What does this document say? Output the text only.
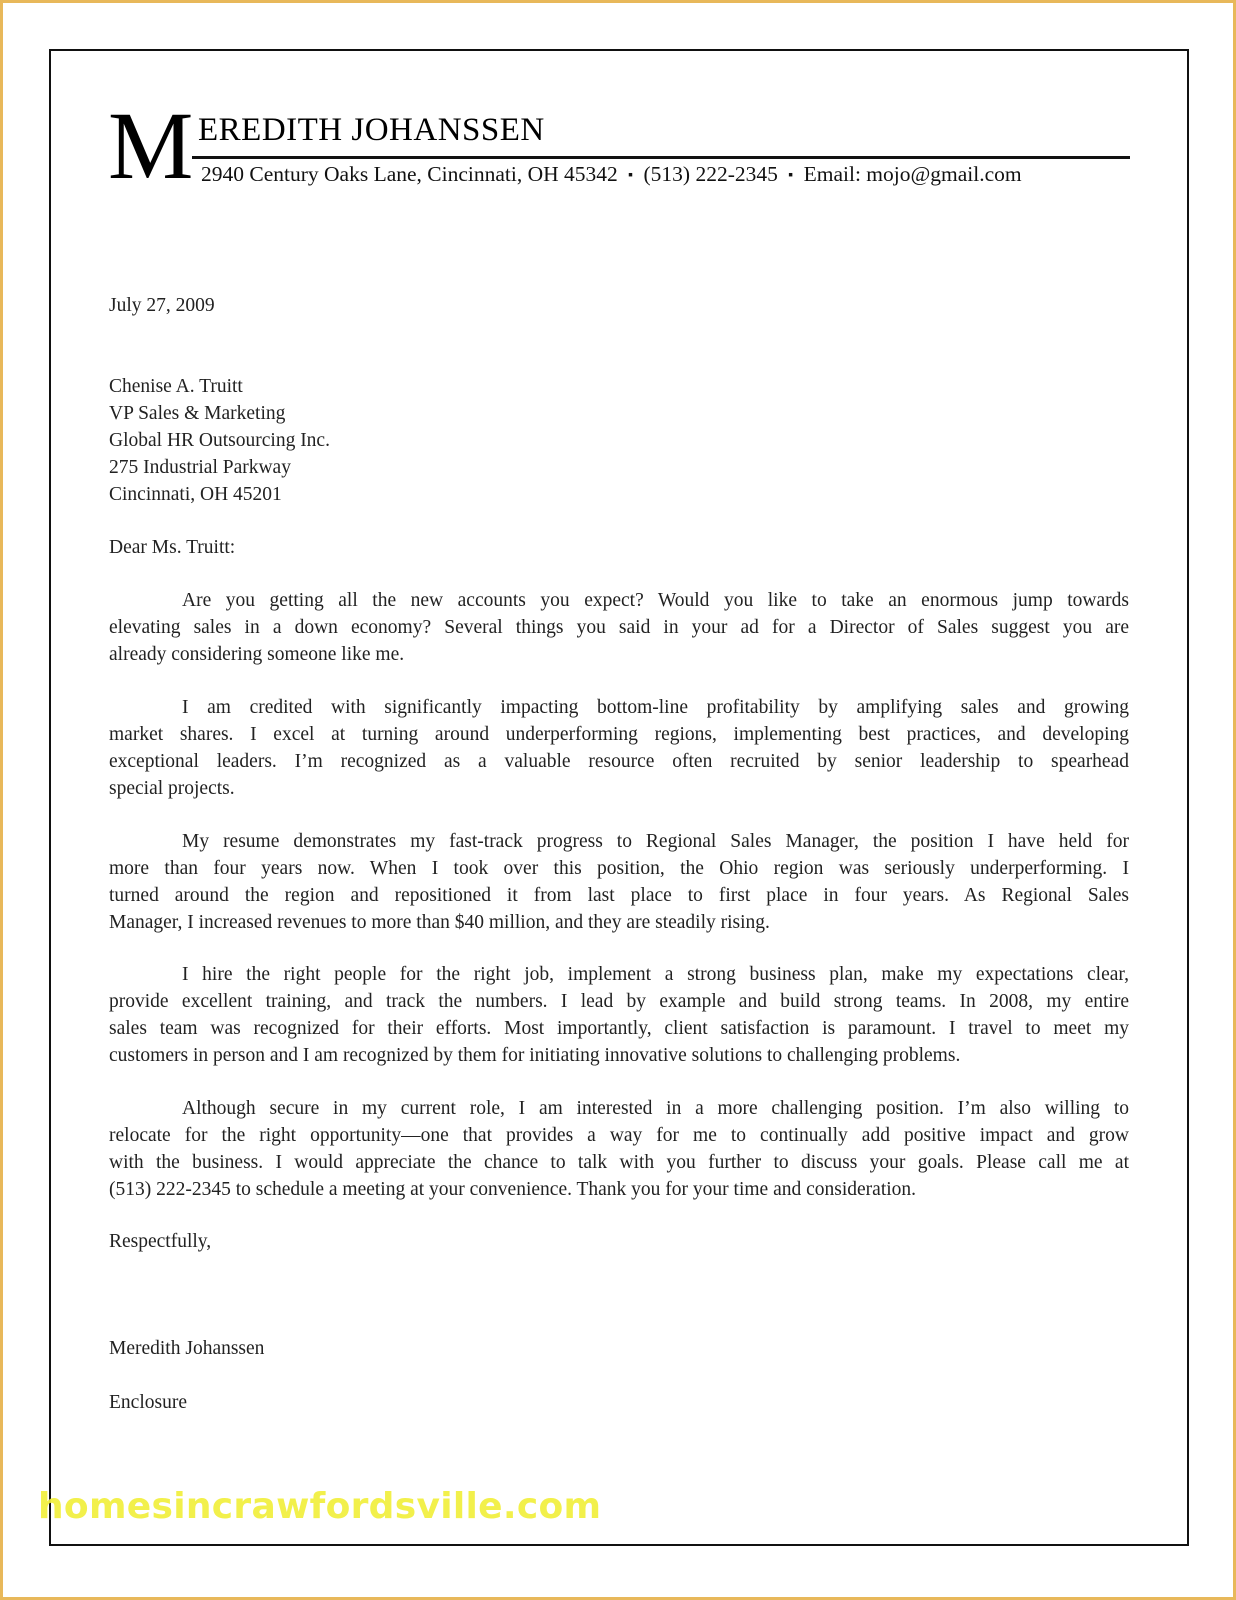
M EREDITH JOHANSSEN
2940 Century Oaks Lane, Cincinnati, OH 45342 ▪ (513) 222-2345 ▪ Email: mojo@gmail.com
July 27, 2009
Chenise A. Truitt
VP Sales & Marketing
Global HR Outsourcing Inc.
275 Industrial Parkway
Cincinnati, OH 45201
Dear Ms. Truitt:
Are you getting all the new accounts you expect? Would you like to take an enormous jump towards
elevating sales in a down economy? Several things you said in your ad for a Director of Sales suggest you are
already considering someone like me.
I am credited with significantly impacting bottom-line profitability by amplifying sales and growing
market shares. I excel at turning around underperforming regions, implementing best practices, and developing
exceptional leaders. I’m recognized as a valuable resource often recruited by senior leadership to spearhead
special projects.
My resume demonstrates my fast-track progress to Regional Sales Manager, the position I have held for
more than four years now. When I took over this position, the Ohio region was seriously underperforming. I
turned around the region and repositioned it from last place to first place in four years. As Regional Sales
Manager, I increased revenues to more than $40 million, and they are steadily rising.
I hire the right people for the right job, implement a strong business plan, make my expectations clear,
provide excellent training, and track the numbers. I lead by example and build strong teams. In 2008, my entire
sales team was recognized for their efforts. Most importantly, client satisfaction is paramount. I travel to meet my
customers in person and I am recognized by them for initiating innovative solutions to challenging problems.
Although secure in my current role, I am interested in a more challenging position. I’m also willing to
relocate for the right opportunity—one that provides a way for me to continually add positive impact and grow
with the business. I would appreciate the chance to talk with you further to discuss your goals. Please call me at
(513) 222-2345 to schedule a meeting at your convenience. Thank you for your time and consideration.
Respectfully,
Meredith Johanssen
Enclosure
homesincrawfordsville.com
